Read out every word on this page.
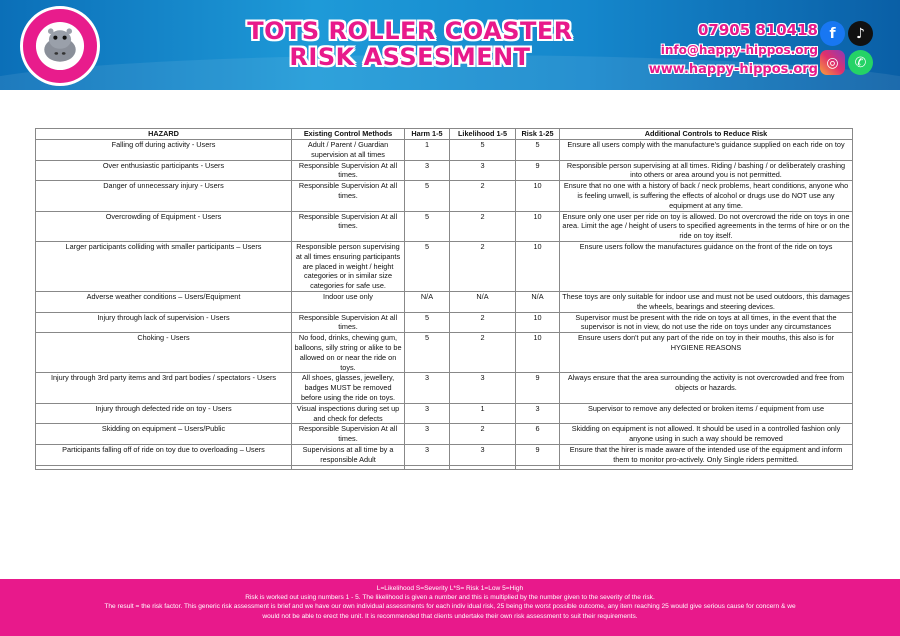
TOTS ROLLER COASTER
RISK ASSESMENT
07905 810418
info@happy-hippos.org
www.happy-hippos.org
f	♪
◎	✆
HAZARD	Existing Control Methods	Harm 1-5	Likelihood 1-5	Risk 1-25	Additional Controls to Reduce Risk
Falling off during activity - Users	Adult / Parent / Guardian supervision at all times	1	5	5	Ensure all users comply with the manufacture's guidance supplied on each ride on toy
Over enthusiastic participants - Users	Responsible Supervision At all times.	3	3	9	Responsible person supervising at all times. Riding / bashing / or deliberately crashing into others or area around you is not permitted.
Danger of unnecessary injury - Users	Responsible Supervision At all times.	5	2	10	Ensure that no one with a history of back / neck problems, heart conditions, anyone who is feeling unwell, is suffering the effects of alcohol or drugs use do NOT use any equipment at any time.
Overcrowding of Equipment - Users	Responsible Supervision At all times.	5	2	10	Ensure only one user per ride on toy is allowed. Do not overcrowd the ride on toys in one area. Limit the age / height of users to specified agreements in the terms of hire or on the ride on toy itself.
Larger participants colliding with smaller participants – Users	Responsible person supervising at all times ensuring participants are placed in weight / height categories or in similar size categories for safe use.	5	2	10	Ensure users follow the manufactures guidance on the front of the ride on toys
Adverse weather conditions – Users/Equipment	Indoor use only	N/A	N/A	N/A	These toys are only suitable for indoor use and must not be used outdoors, this damages the wheels, bearings and steering devices.
Injury through lack of supervision - Users	Responsible Supervision At all times.	5	2	10	Supervisor must be present with the ride on toys at all times, in the event that the supervisor is not in view, do not use the ride on toys under any circumstances
Choking - Users	No food, drinks, chewing gum, balloons, silly string or alike to be allowed on or near the ride on toys.	5	2	10	Ensure users don't put any part of the ride on toy in their mouths, this also is for HYGIENE REASONS
Injury through 3rd party items and 3rd part bodies / spectators - Users	All shoes, glasses, jewellery, badges MUST be removed before using the ride on toys.	3	3	9	Always ensure that the area surrounding the activity is not overcrowded and free from objects or hazards.
Injury through defected ride on toy - Users	Visual inspections during set up and check for defects	3	1	3	Supervisor to remove any defected or broken items / equipment from use
Skidding on equipment – Users/Public	Responsible Supervision At all times.	3	2	6	Skidding on equipment is not allowed. It should be used in a controlled fashion only anyone using in such a way should be removed
Participants falling off of ride on toy due to overloading – Users	Supervisions at all time by a responsible Adult	3	3	9	Ensure that the hirer is made aware of the intended use of the equipment and inform them to monitor pro-actively. Only Single riders permitted.

L=Likelihood S=Severity L*S= Risk 1=Low 5=High
Risk is worked out using numbers 1 - 5. The likelihood is given a number and this is multiplied by the number given to the severity of the risk.
The result = the risk factor. This generic risk assessment is brief and we have our own individual assessments for each indiv idual risk, 25 being the worst possible outcome, any item reaching 25 would give serious cause for concern & we
would not be able to erect the unit. It is recommended that clients undertake their own risk assessment to suit their requirements.
